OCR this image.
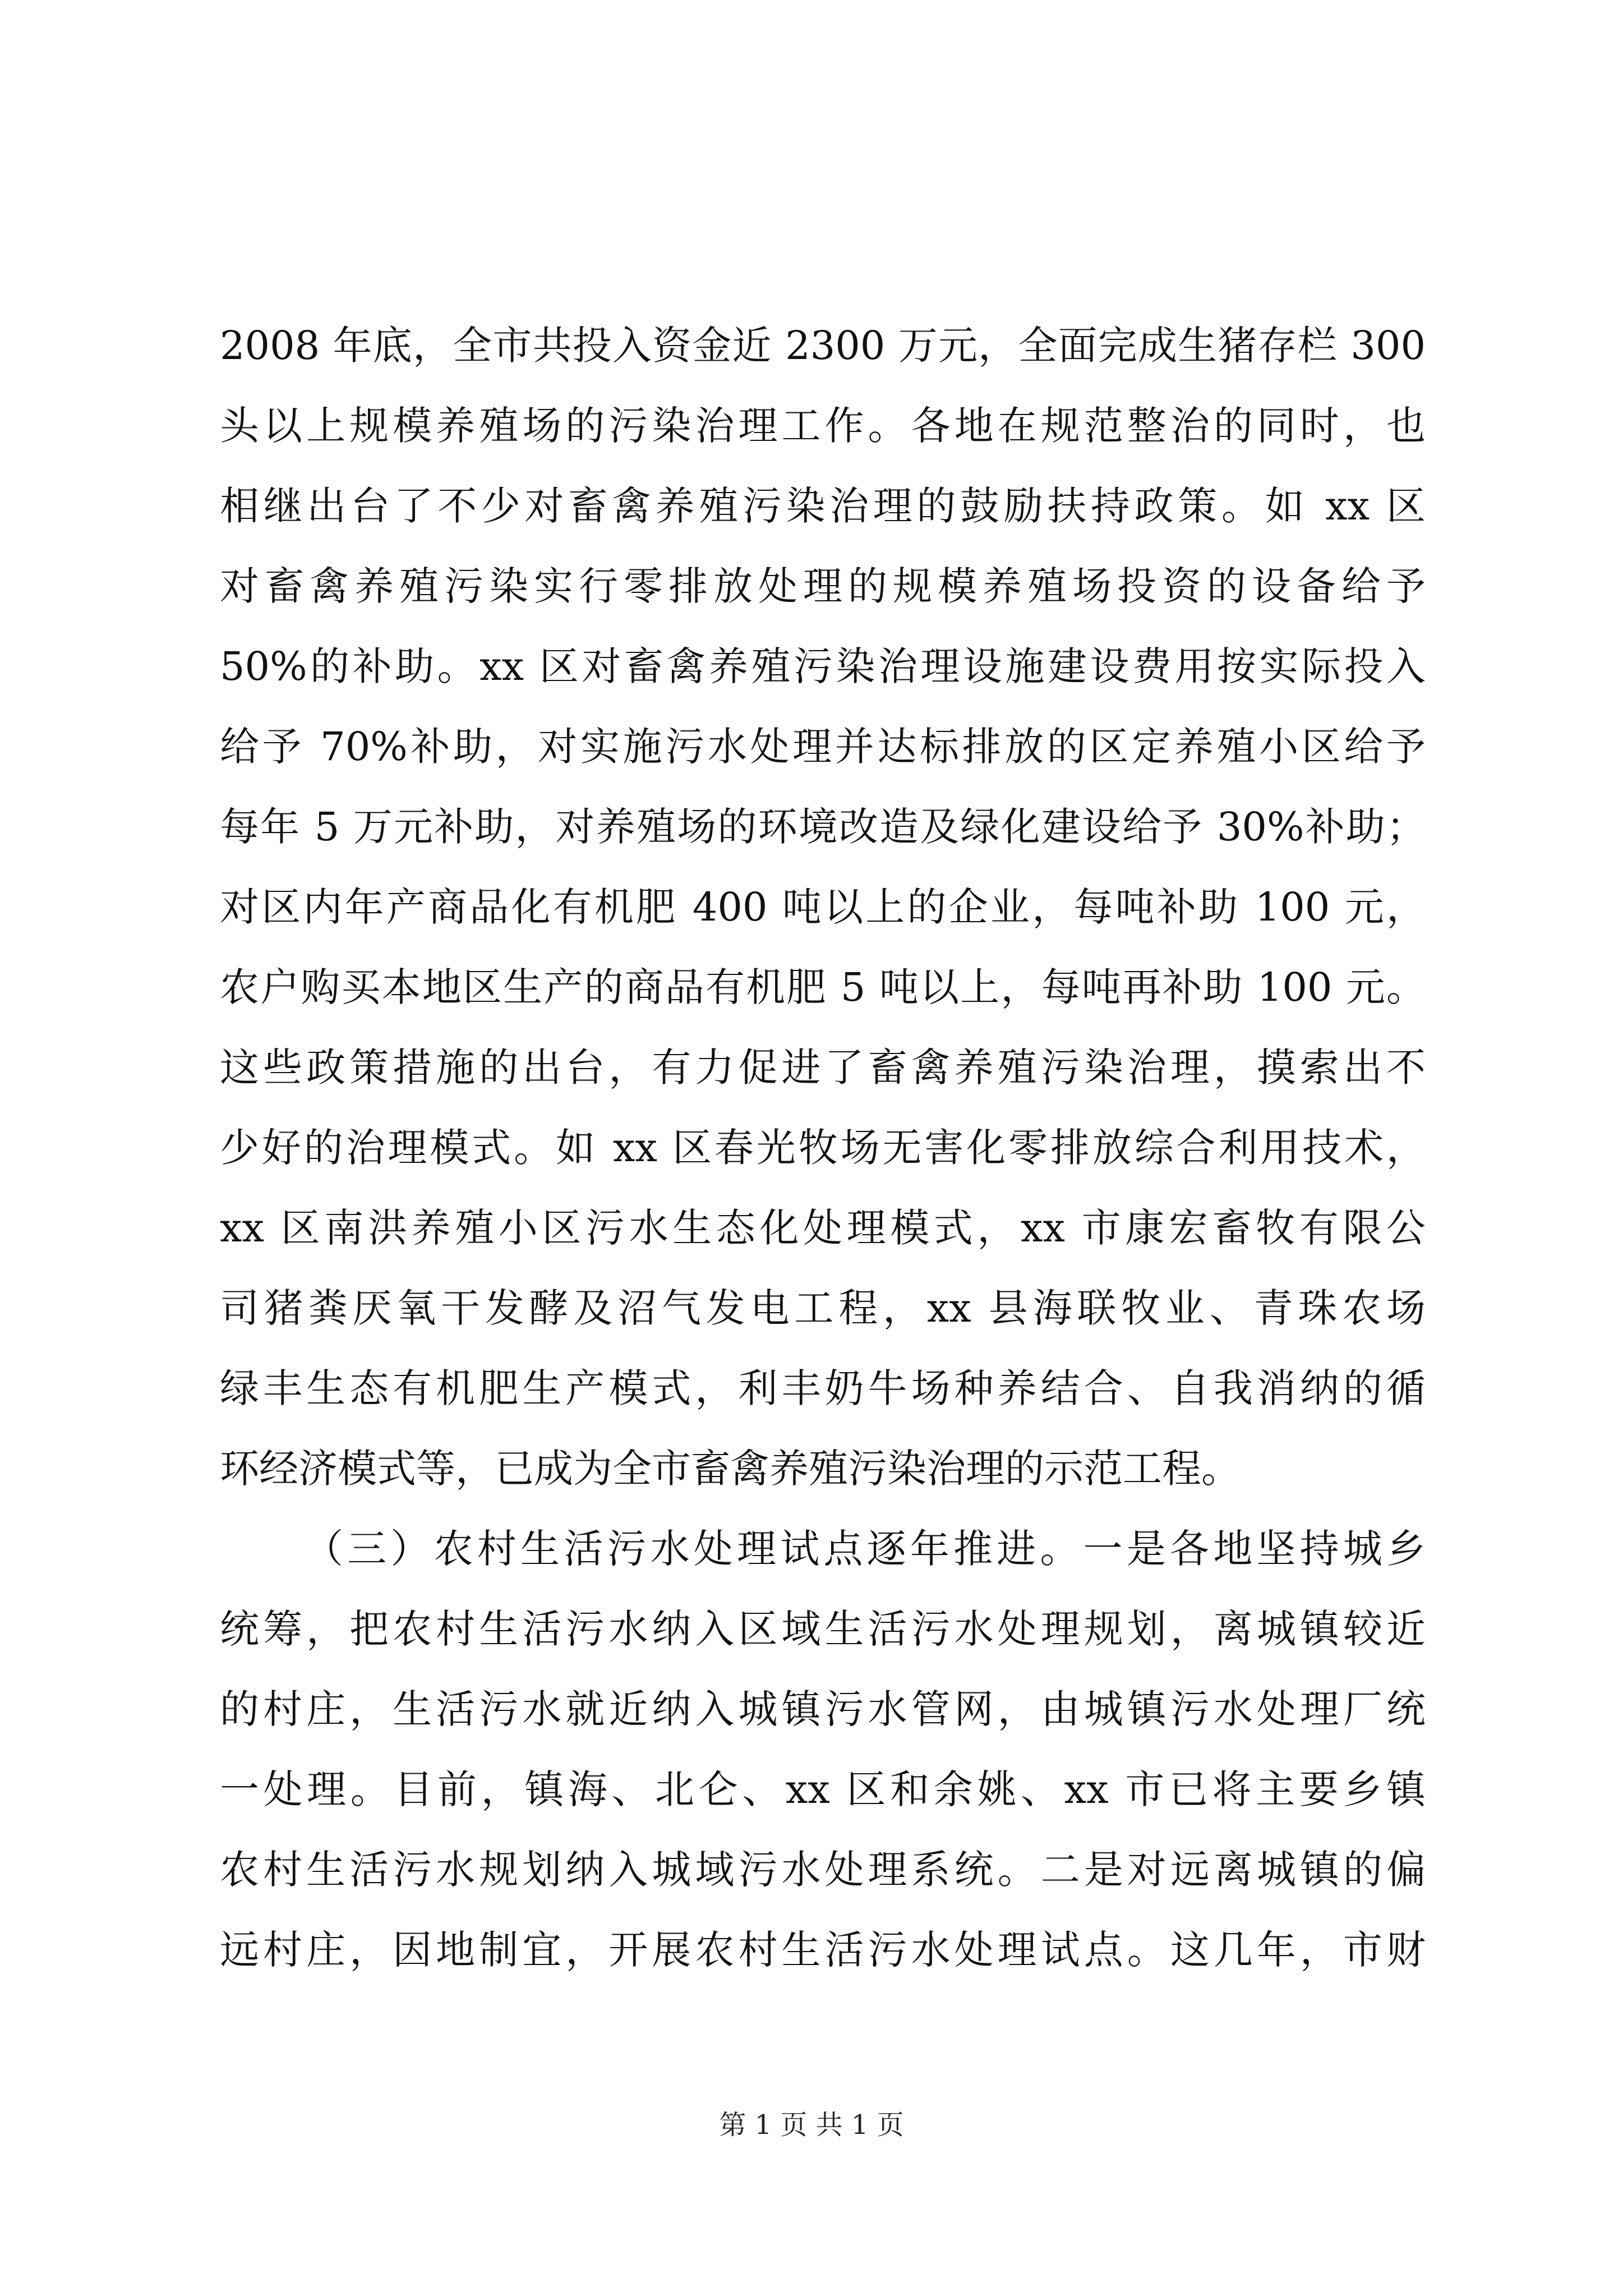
2008 年底，全市共投入资金近 2300 万元，全面完成生猪存栏 300
头以上规模养殖场的污染治理工作。各地在规范整治的同时，也
相继出台了不少对畜禽养殖污染治理的鼓励扶持政策。如 xx 区
对畜禽养殖污染实行零排放处理的规模养殖场投资的设备给予
50%的补助。xx 区对畜禽养殖污染治理设施建设费用按实际投入
给予 70%补助，对实施污水处理并达标排放的区定养殖小区给予
每年 5 万元补助，对养殖场的环境改造及绿化建设给予 30%补助；
对区内年产商品化有机肥 400 吨以上的企业，每吨补助 100 元，
农户购买本地区生产的商品有机肥 5 吨以上，每吨再补助 100 元。
这些政策措施的出台，有力促进了畜禽养殖污染治理，摸索出不
少好的治理模式。如 xx 区春光牧场无害化零排放综合利用技术，
xx 区南洪养殖小区污水生态化处理模式，xx 市康宏畜牧有限公
司猪粪厌氧干发酵及沼气发电工程，xx 县海联牧业、青珠农场
绿丰生态有机肥生产模式，利丰奶牛场种养结合、自我消纳的循
环经济模式等，已成为全市畜禽养殖污染治理的示范工程。
（三）农村生活污水处理试点逐年推进。一是各地坚持城乡
统筹，把农村生活污水纳入区域生活污水处理规划，离城镇较近
的村庄，生活污水就近纳入城镇污水管网，由城镇污水处理厂统
一处理。目前，镇海、北仑、xx 区和余姚、xx 市已将主要乡镇
农村生活污水规划纳入城域污水处理系统。二是对远离城镇的偏
远村庄，因地制宜，开展农村生活污水处理试点。这几年，市财
第 1 页 共 1 页
